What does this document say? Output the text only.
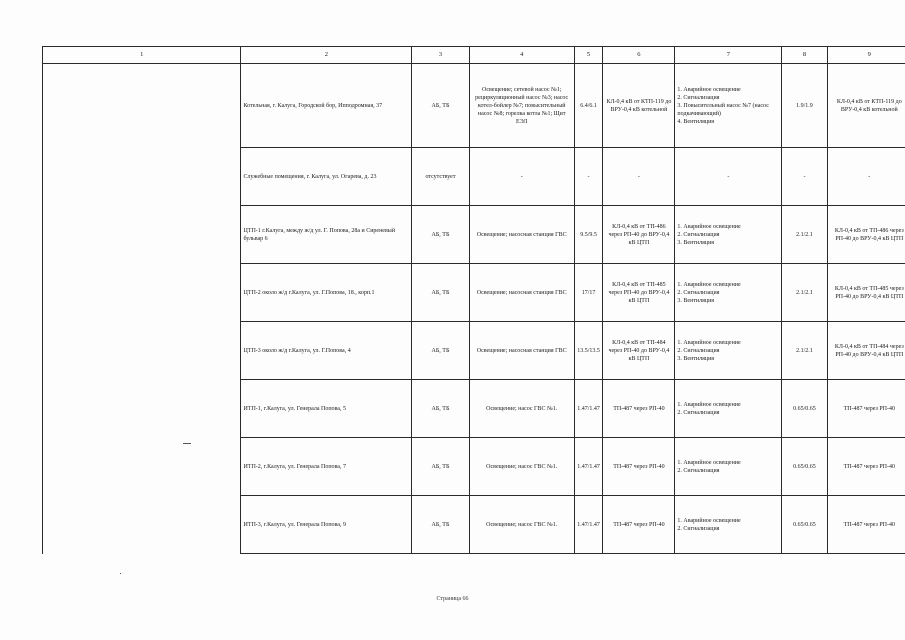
1	2	3	4	5	6	7	8	9
	Котельная, г. Калуга, Городской бор, Ипподромная, 37	АБ, ТБ	Освещение; сетевой насос №1; рециркуляционный насос №3; насос котел-бойлер №7; повысительный насос №8; горелка котла №1; Щит ЕЭЛ	6.4/6.1	КЛ-0,4 кВ от КТП-119 до ВРУ-0,4 кВ котельной	1. Аварийное освещение
2. Сигнализация
3. Повысительный насос №7 (насос подкачивающий)
4. Вентиляция	1.9/1.9	КЛ-0,4 кВ от КТП-119 до ВРУ-0,4 кВ котельной
	Служебные помещения, г. Калуга, ул. Огарева, д. 23	отсутствует	-	-	-	-	-	-
	ЦТП-1 г.Калуга, между ж/д ул. Г. Попова, 28а и Сиреневый бульвар 6	АБ, ТБ	Освещение; насосная станция ГВС	9.5/9.5	КЛ-0,4 кВ от ТП-486 через РП-40 до ВРУ-0,4 кВ ЦТП	1. Аварийное освещение
2. Сигнализация
3. Вентиляция	2.1/2.1	КЛ-0,4 кВ от ТП-486 через РП-40 до ВРУ-0,4 кВ ЦТП
	ЦТП-2 около ж/д г.Калуга, ул. Г.Попова, 18., корп.1	АБ, ТБ	Освещение; насосная станция ГВС	17/17	КЛ-0,4 кВ от ТП-485 через РП-40 до ВРУ-0,4 кВ ЦТП	1. Аварийное освещение
2. Сигнализация
3. Вентиляция	2.1/2.1	КЛ-0,4 кВ от ТП-485 через РП-40 до ВРУ-0,4 кВ ЦТП
	ЦТП-3 около ж/д г.Калуга, ул. Г.Попова, 4	АБ, ТБ	Освещение; насосная станция ГВС	13.5/13.5	КЛ-0,4 кВ от ТП-484 через РП-40 до ВРУ-0,4 кВ ЦТП	1. Аварийное освещение
2. Сигнализация
3. Вентиляция	2.1/2.1	КЛ-0,4 кВ от ТП-484 через РП-40 до ВРУ-0,4 кВ ЦТП
	ИТП-1, г.Калуга, ул. Генерала Попова, 5	АБ, ТБ	Освещение; насос ГВС №1.	1.47/1.47	ТП-487 через РП-40	1. Аварийное освещение
2. Сигнализация	0.65/0.65	ТП-487 через РП-40
	ИТП-2, г.Калуга, ул. Генерала Попова, 7	АБ, ТБ	Освещение; насос ГВС №1.	1.47/1.47	ТП-487 через РП-40	1. Аварийное освещение
2. Сигнализация	0.65/0.65	ТП-487 через РП-40
	ИТП-3, г.Калуга, ул. Генерала Попова, 9	АБ, ТБ	Освещение; насос ГВС №1.	1.47/1.47	ТП-487 через РП-40	1. Аварийное освещение
2. Сигнализация	0.65/0.65	ТП-487 через РП-40
Страница 66
